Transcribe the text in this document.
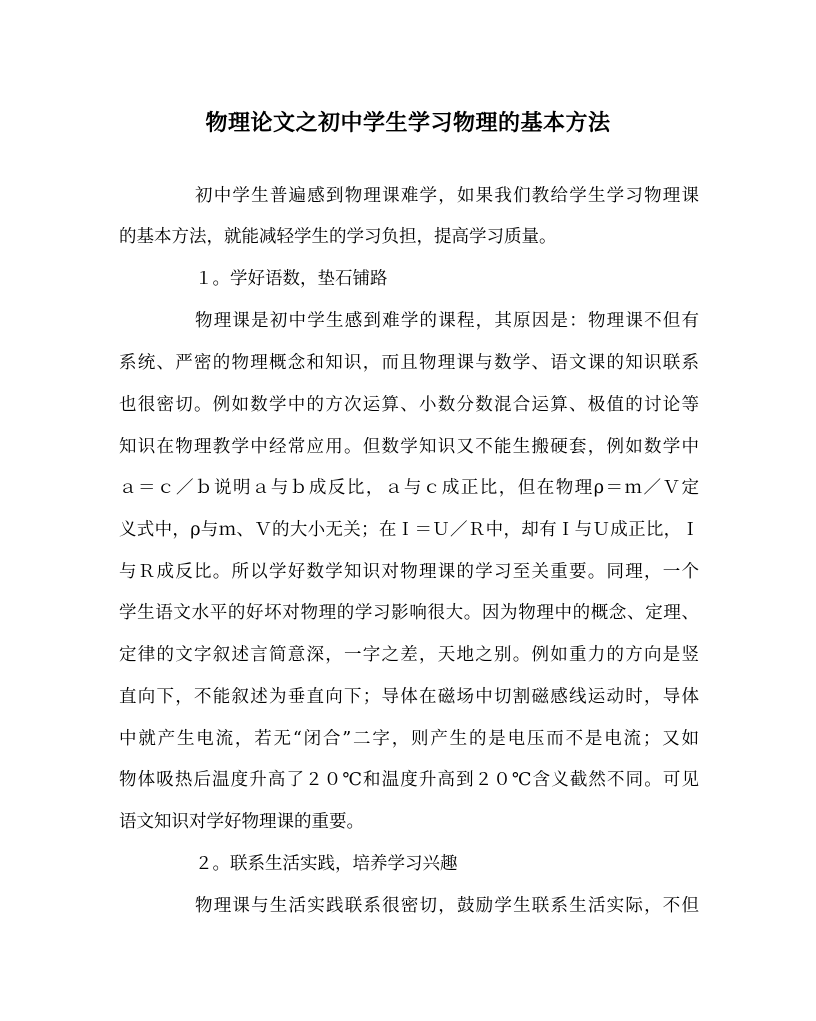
物理论文之初中学生学习物理的基本方法

初中学生普遍感到物理课难学，如果我们教给学生学习物理课

的基本方法，就能减轻学生的学习负担，提高学习质量。

１。学好语数，垫石铺路

物理课是初中学生感到难学的课程，其原因是：物理课不但有

系统、严密的物理概念和知识，而且物理课与数学、语文课的知识联系

也很密切。例如数学中的方次运算、小数分数混合运算、极值的讨论等

知识在物理教学中经常应用。但数学知识又不能生搬硬套，例如数学中

ａ＝ｃ／ｂ说明ａ与ｂ成反比，ａ与ｃ成正比，但在物理ρ＝ｍ／Ｖ定

义式中，ρ与ｍ、Ｖ的大小无关；在Ｉ＝Ｕ／Ｒ中，却有Ｉ与Ｕ成正比，Ｉ

与Ｒ成反比。所以学好数学知识对物理课的学习至关重要。同理，一个

学生语文水平的好坏对物理的学习影响很大。因为物理中的概念、定理、

定律的文字叙述言简意深，一字之差，天地之别。例如重力的方向是竖

直向下，不能叙述为垂直向下；导体在磁场中切割磁感线运动时，导体

中就产生电流，若无“闭合”二字，则产生的是电压而不是电流；又如

物体吸热后温度升高了２０℃和温度升高到２０℃含义截然不同。可见

语文知识对学好物理课的重要。

２。联系生活实践，培养学习兴趣

物理课与生活实践联系很密切，鼓励学生联系生活实际，不但
